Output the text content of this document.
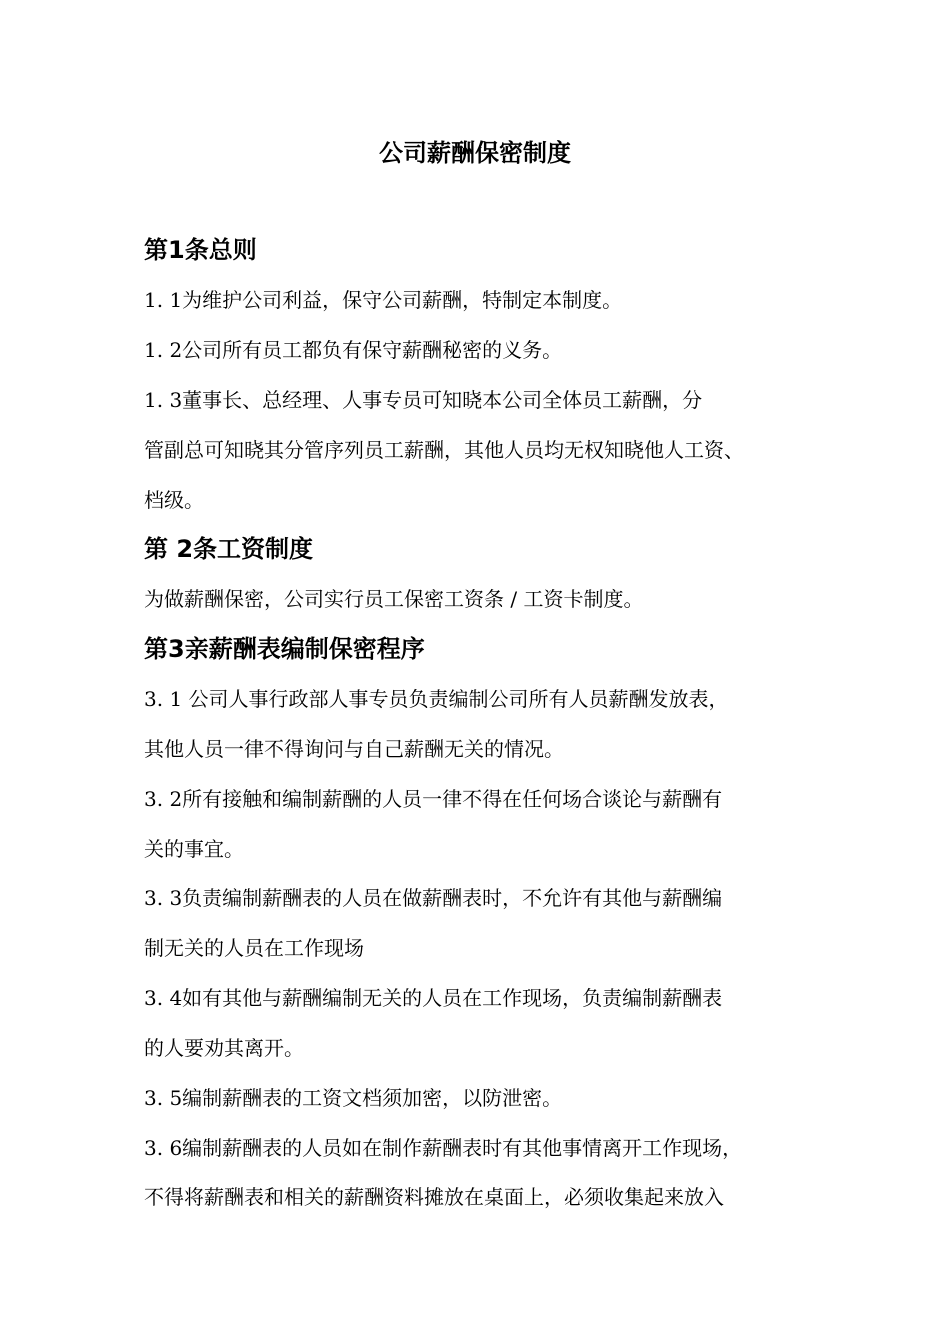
公司薪酬保密制度
第1条总则

1. 1为维护公司利益，保守公司薪酬，特制定本制度。

1. 2公司所有员工都负有保守薪酬秘密的义务。

1. 3董事长、总经理、人事专员可知晓本公司全体员工薪酬，分

管副总可知晓其分管序列员工薪酬，其他人员均无权知晓他人工资、

档级。

第 2条工资制度

为做薪酬保密，公司实行员工保密工资条 / 工资卡制度。

第3亲薪酬表编制保密程序

3. 1 公司人事行政部人事专员负责编制公司所有人员薪酬发放表，

其他人员一律不得询问与自己薪酬无关的情况。

3. 2所有接触和编制薪酬的人员一律不得在任何场合谈论与薪酬有

关的事宜。

3. 3负责编制薪酬表的人员在做薪酬表时，不允许有其他与薪酬编

制无关的人员在工作现场

3. 4如有其他与薪酬编制无关的人员在工作现场，负责编制薪酬表

的人要劝其离开。

3. 5编制薪酬表的工资文档须加密，以防泄密。

3. 6编制薪酬表的人员如在制作薪酬表时有其他事情离开工作现场，

不得将薪酬表和相关的薪酬资料摊放在桌面上，必须收集起来放入
